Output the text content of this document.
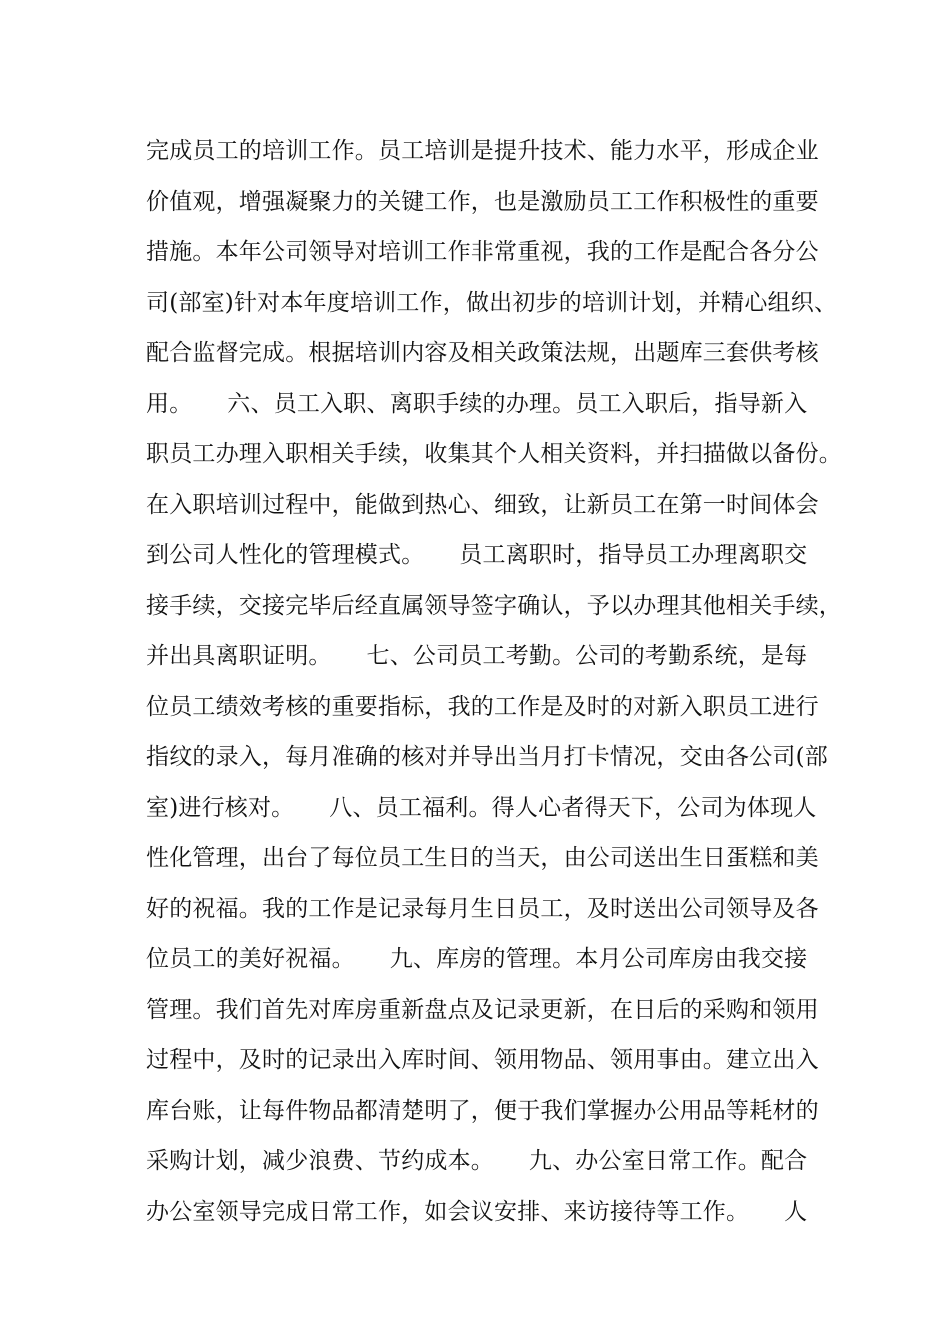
完成员工的培训工作。员工培训是提升技术、能力水平，形成企业
价值观，增强凝聚力的关键工作，也是激励员工工作积极性的重要
措施。本年公司领导对培训工作非常重视，我的工作是配合各分公
司(部室)针对本年度培训工作，做出初步的培训计划，并精心组织、
配合监督完成。根据培训内容及相关政策法规，出题库三套供考核
用。　　六、员工入职、离职手续的办理。员工入职后，指导新入
职员工办理入职相关手续，收集其个人相关资料，并扫描做以备份。
在入职培训过程中，能做到热心、细致，让新员工在第一时间体会
到公司人性化的管理模式。　　员工离职时，指导员工办理离职交
接手续，交接完毕后经直属领导签字确认，予以办理其他相关手续，
并出具离职证明。　　七、公司员工考勤。公司的考勤系统，是每
位员工绩效考核的重要指标，我的工作是及时的对新入职员工进行
指纹的录入，每月准确的核对并导出当月打卡情况，交由各公司(部
室)进行核对。　　八、员工福利。得人心者得天下，公司为体现人
性化管理，出台了每位员工生日的当天，由公司送出生日蛋糕和美
好的祝福。我的工作是记录每月生日员工，及时送出公司领导及各
位员工的美好祝福。　　九、库房的管理。本月公司库房由我交接
管理。我们首先对库房重新盘点及记录更新，在日后的采购和领用
过程中，及时的记录出入库时间、领用物品、领用事由。建立出入
库台账，让每件物品都清楚明了，便于我们掌握办公用品等耗材的
采购计划，减少浪费、节约成本。　　九、办公室日常工作。配合
办公室领导完成日常工作，如会议安排、来访接待等工作。　　人
